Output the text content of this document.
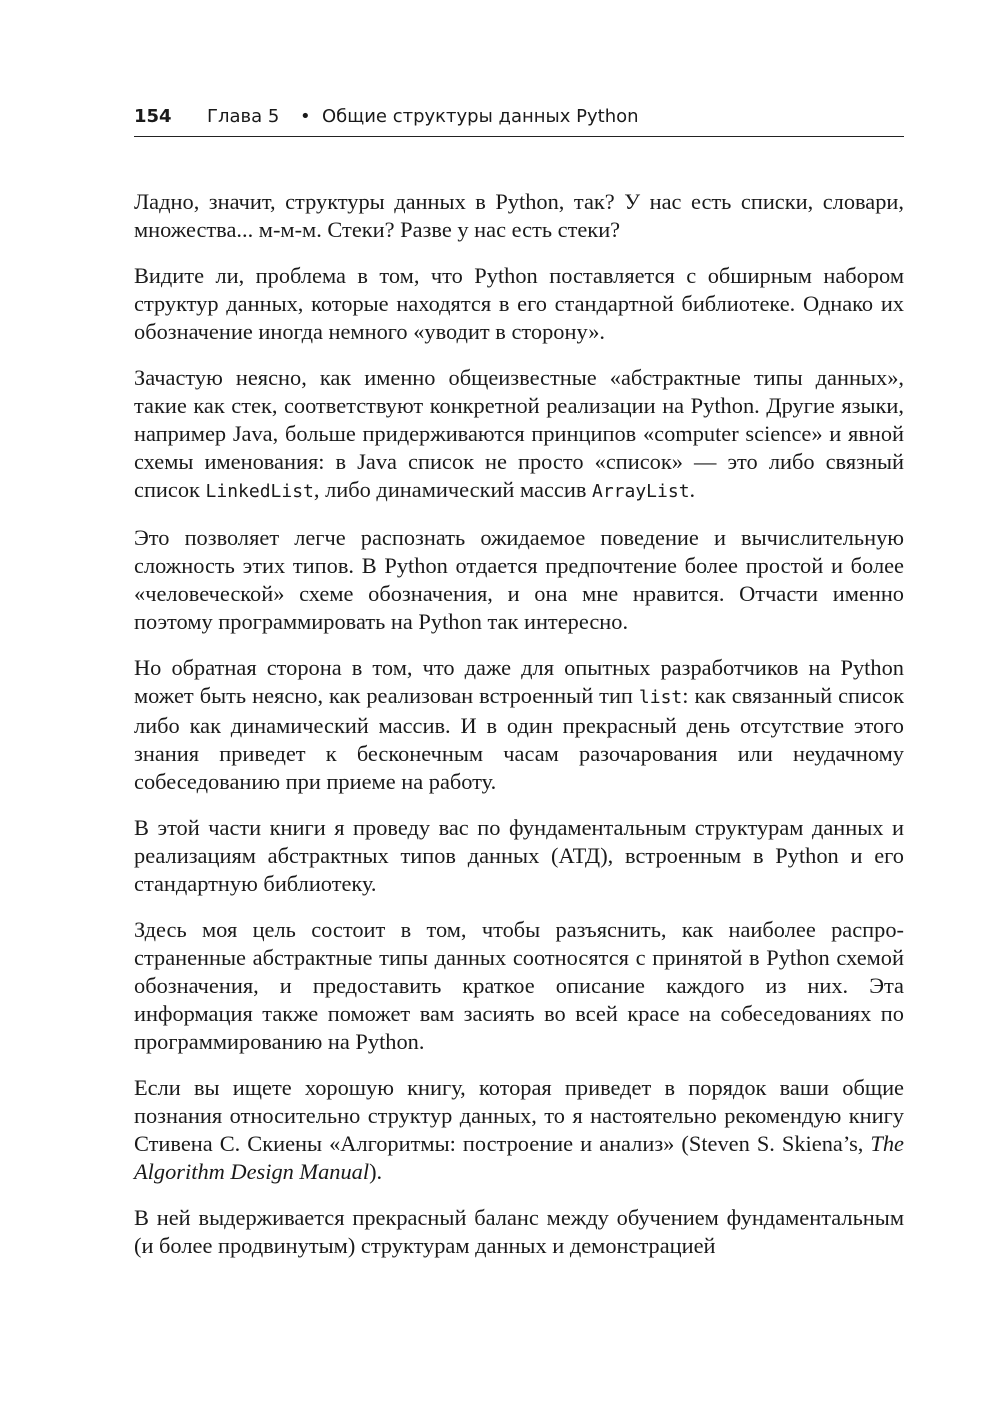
154 Глава 5 • Общие структуры данных Python

Ладно, значит, структуры данных в Python, так? У нас есть списки, словари, множества... м-м-м. Стеки? Разве у нас есть стеки?

Видите ли, проблема в том, что Python поставляется с обширным набором структур данных, которые находятся в его стандартной библиотеке. Однако их обозначение иногда немного «уводит в сторону».

Зачастую неясно, как именно общеизвестные «абстрактные типы данных», такие как стек, соответствуют конкретной реализации на Python. Другие языки, например Java, больше придерживаются принципов «computer science» и явной схемы именования: в Java список не просто «список» — это либо связный список LinkedList, либо динамический массив ArrayList.

Это позволяет легче распознать ожидаемое поведение и вычислительную сложность этих типов. В Python отдается предпочтение более простой и более «человеческой» схеме обозначения, и она мне нравится. Отчасти именно поэтому программировать на Python так интересно.

Но обратная сторона в том, что даже для опытных разработчиков на Python может быть неясно, как реализован встроенный тип list: как связанный список либо как динамический массив. И в один прекрасный день отсутствие этого знания приведет к бесконечным часам разочарования или неудачному собеседованию при приеме на работу.

В этой части книги я проведу вас по фундаментальным структурам данных и реализациям абстрактных типов данных (АТД), встроенным в Python и его стандартную библиотеку.

Здесь моя цель состоит в том, чтобы разъяснить, как наиболее распространенные абстрактные типы данных соотносятся с принятой в Python схемой обозначения, и предоставить краткое описание каждого из них. Эта информация также поможет вам засиять во всей красе на собеседованиях по программированию на Python.

Если вы ищете хорошую книгу, которая приведет в порядок ваши общие познания относительно структур данных, то я настоятельно рекомендую книгу Стивена С. Скиены «Алгоритмы: построение и анализ» (Steven S. Skiena’s, The Algorithm Design Manual).

В ней выдерживается прекрасный баланс между обучением фундаментальным (и более продвинутым) структурам данных и демонстрацией
